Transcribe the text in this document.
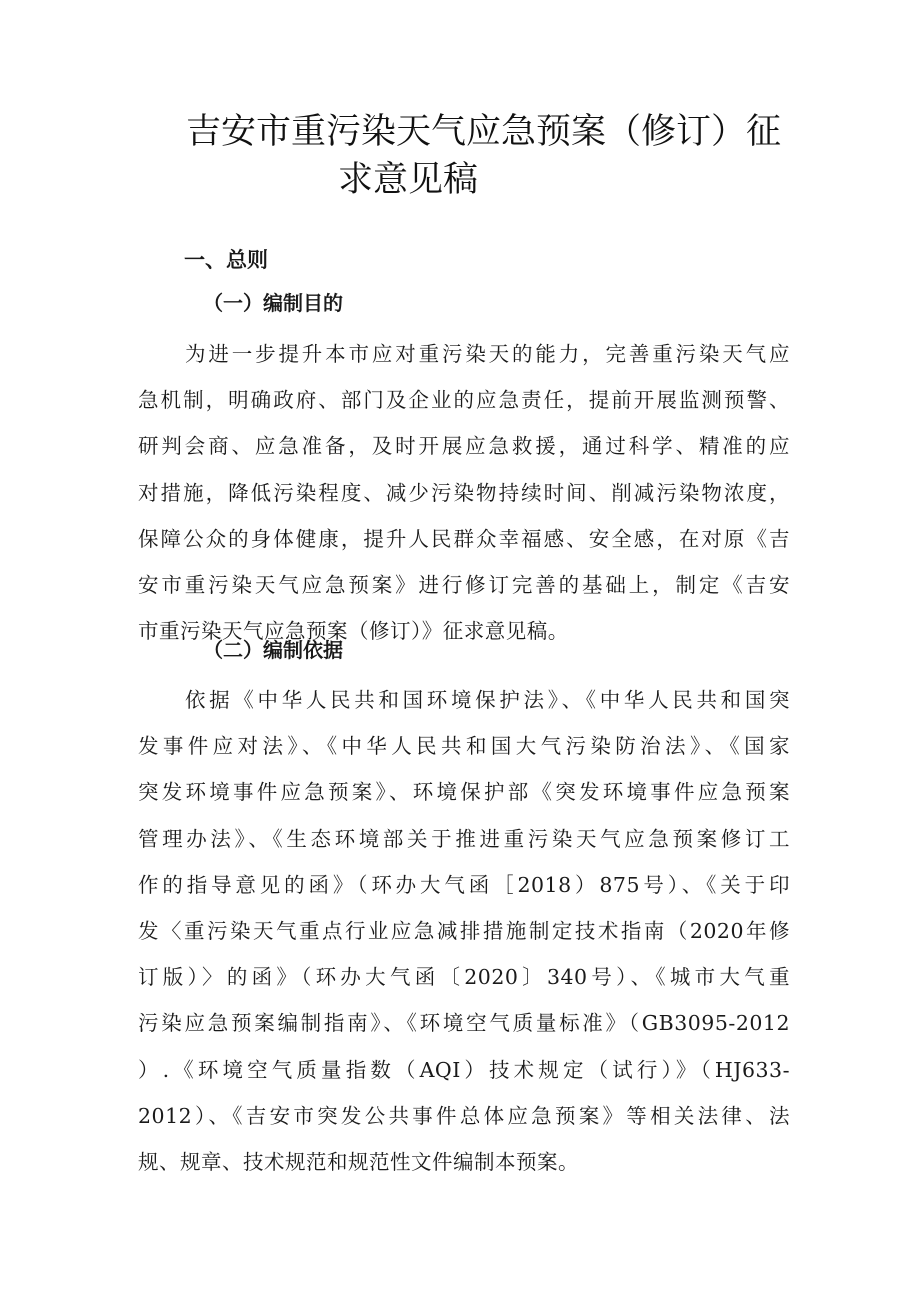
吉安市重污染天气应急预案（修订）征
求意见稿
一、总则
（一）编制目的
为进一步提升本市应对重污染天的能力，完善重污染天气应
急机制，明确政府、部门及企业的应急责任，提前开展监测预警、
研判会商、应急准备，及时开展应急救援，通过科学、精准的应
对措施，降低污染程度、减少污染物持续时间、削减污染物浓度，
保障公众的身体健康，提升人民群众幸福感、安全感，在对原《吉
安市重污染天气应急预案》进行修订完善的基础上，制定《吉安
市重污染天气应急预案（修订）》征求意见稿。
（二）编制依据
依据《中华人民共和国环境保护法》、《中华人民共和国突
发事件应对法》、《中华人民共和国大气污染防治法》、《国家
突发环境事件应急预案》、环境保护部《突发环境事件应急预案
管理办法》、《生态环境部关于推进重污染天气应急预案修订工
作的指导意见的函》（环办大气函［2018）875号）、《关于印
发〈重污染天气重点行业应急减排措施制定技术指南（2020年修
订版）〉的函》（环办大气函〔2020〕340号）、《城市大气重
污染应急预案编制指南》、《环境空气质量标准》（GB3095-2012
）.《环境空气质量指数（AQI）技术规定（试行）》（HJ633-
2012）、《吉安市突发公共事件总体应急预案》等相关法律、法
规、规章、技术规范和规范性文件编制本预案。
